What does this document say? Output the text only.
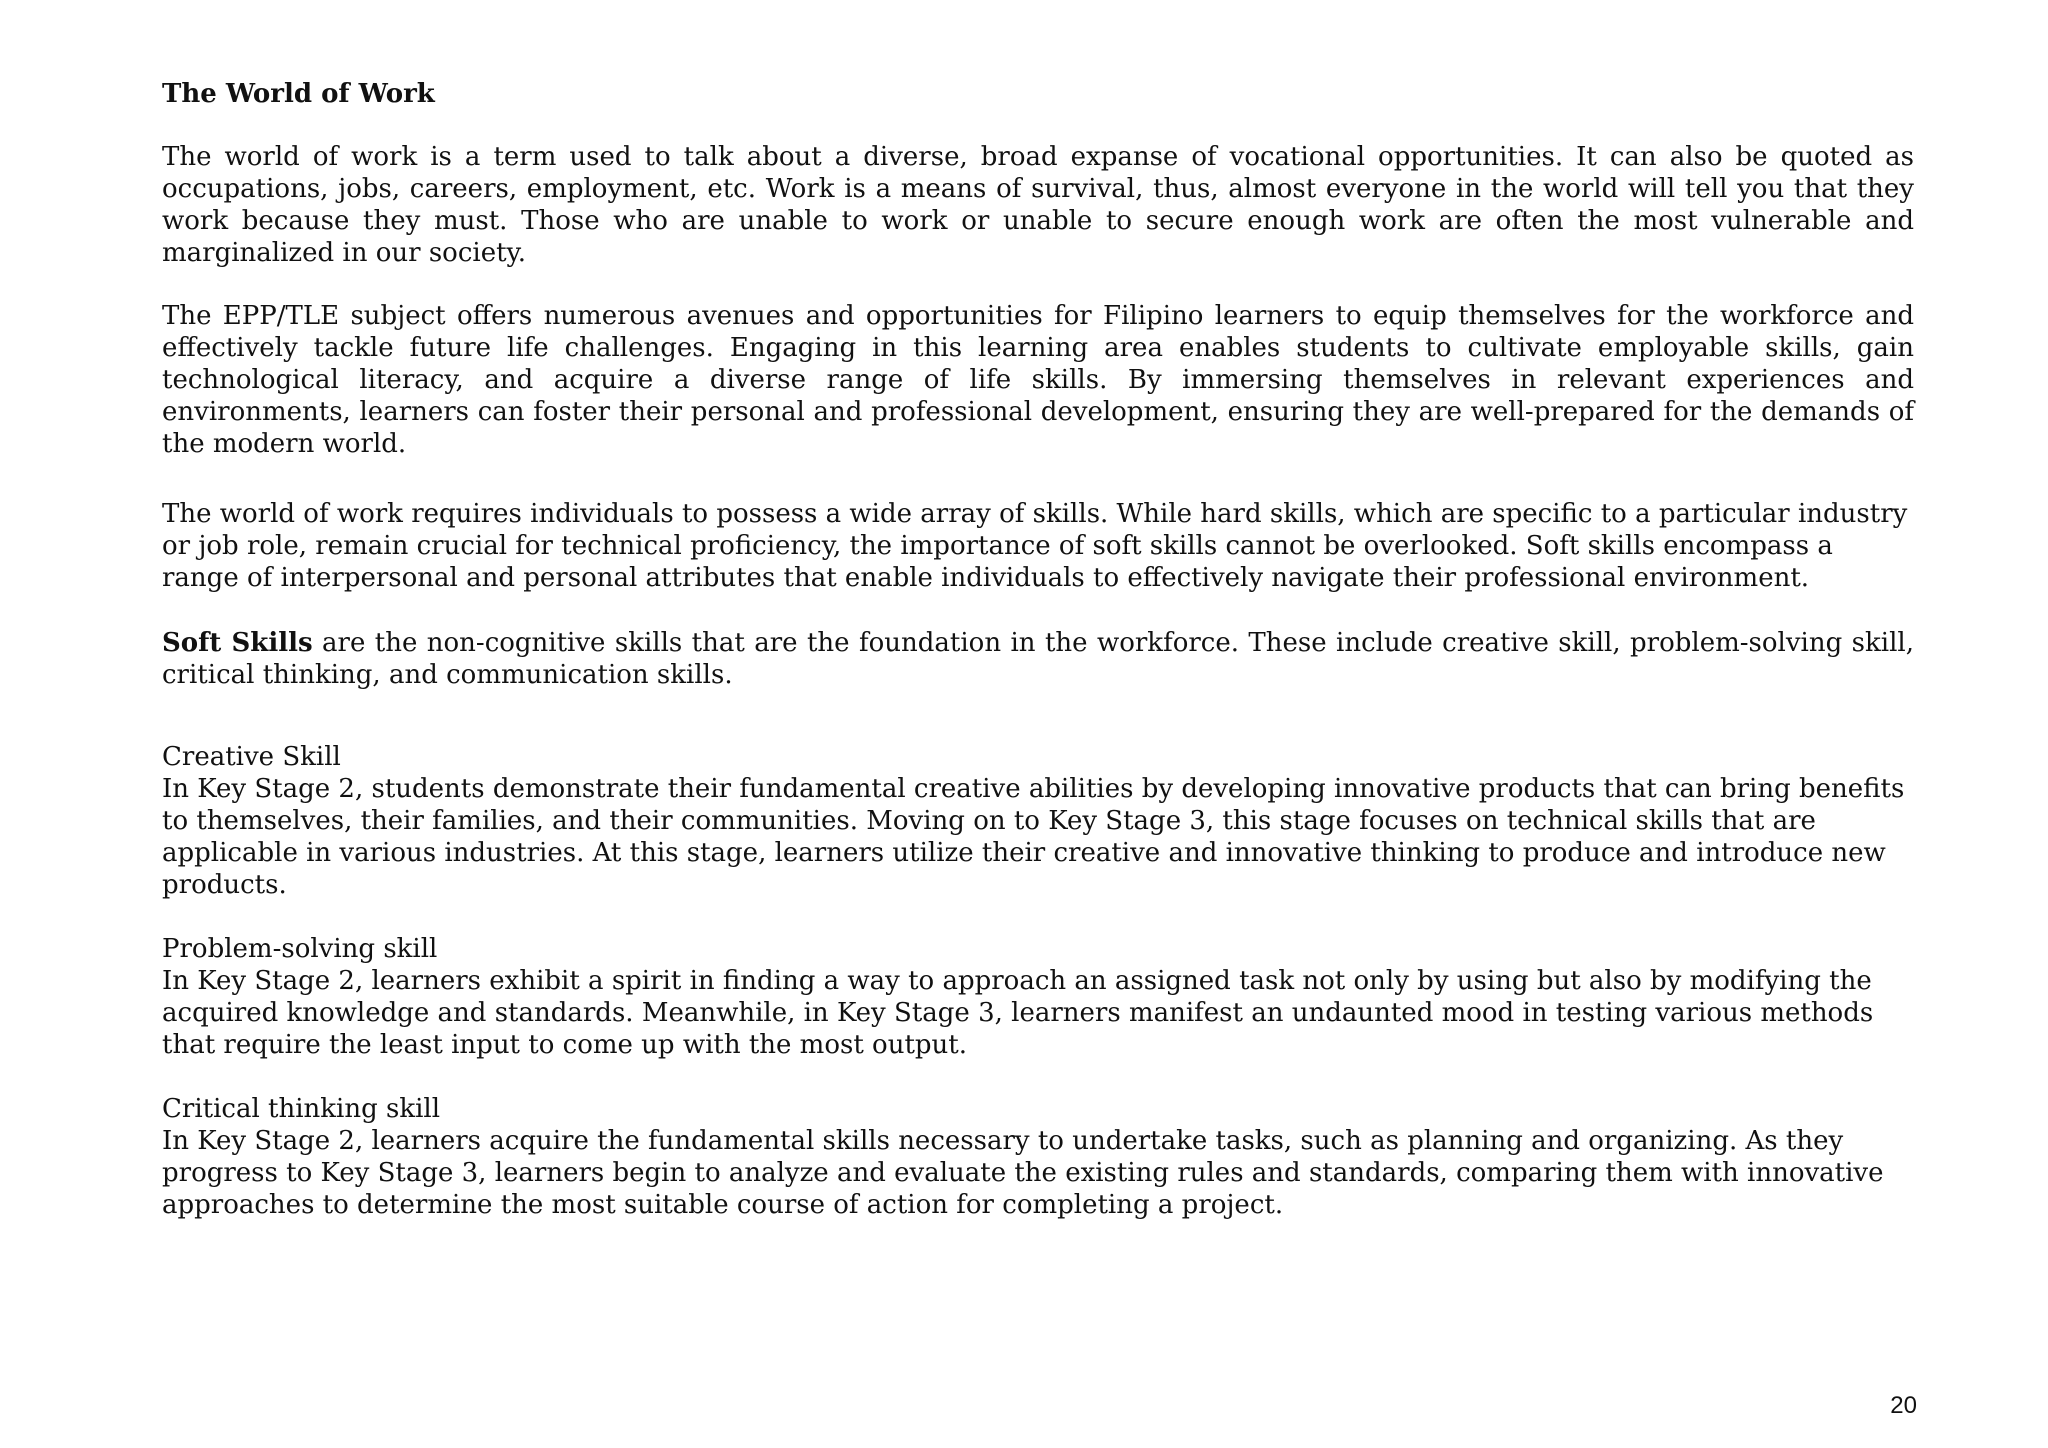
The World of Work

The world of work is a term used to talk about a diverse, broad expanse of vocational opportunities. It can also be quoted as occupations, jobs, careers, employment, etc. Work is a means of survival, thus, almost everyone in the world will tell you that they work because they must. Those who are unable to work or unable to secure enough work are often the most vulnerable and marginalized in our society.

The EPP/TLE subject offers numerous avenues and opportunities for Filipino learners to equip themselves for the workforce and effectively tackle future life challenges. Engaging in this learning area enables students to cultivate employable skills, gain technological literacy, and acquire a diverse range of life skills. By immersing themselves in relevant experiences and environments, learners can foster their personal and professional development, ensuring they are well-prepared for the demands of the modern world.

The world of work requires individuals to possess a wide array of skills. While hard skills, which are specific to a particular industry or job role, remain crucial for technical proficiency, the importance of soft skills cannot be overlooked. Soft skills encompass a range of interpersonal and personal attributes that enable individuals to effectively navigate their professional environment.

Soft Skills are the non-cognitive skills that are the foundation in the workforce. These include creative skill, problem-solving skill, critical thinking, and communication skills.

Creative Skill

In Key Stage 2, students demonstrate their fundamental creative abilities by developing innovative products that can bring benefits to themselves, their families, and their communities. Moving on to Key Stage 3, this stage focuses on technical skills that are applicable in various industries. At this stage, learners utilize their creative and innovative thinking to produce and introduce new products.

Problem-solving skill

In Key Stage 2, learners exhibit a spirit in finding a way to approach an assigned task not only by using but also by modifying the acquired knowledge and standards. Meanwhile, in Key Stage 3, learners manifest an undaunted mood in testing various methods that require the least input to come up with the most output.

Critical thinking skill

In Key Stage 2, learners acquire the fundamental skills necessary to undertake tasks, such as planning and organizing. As they progress to Key Stage 3, learners begin to analyze and evaluate the existing rules and standards, comparing them with innovative approaches to determine the most suitable course of action for completing a project.

20
